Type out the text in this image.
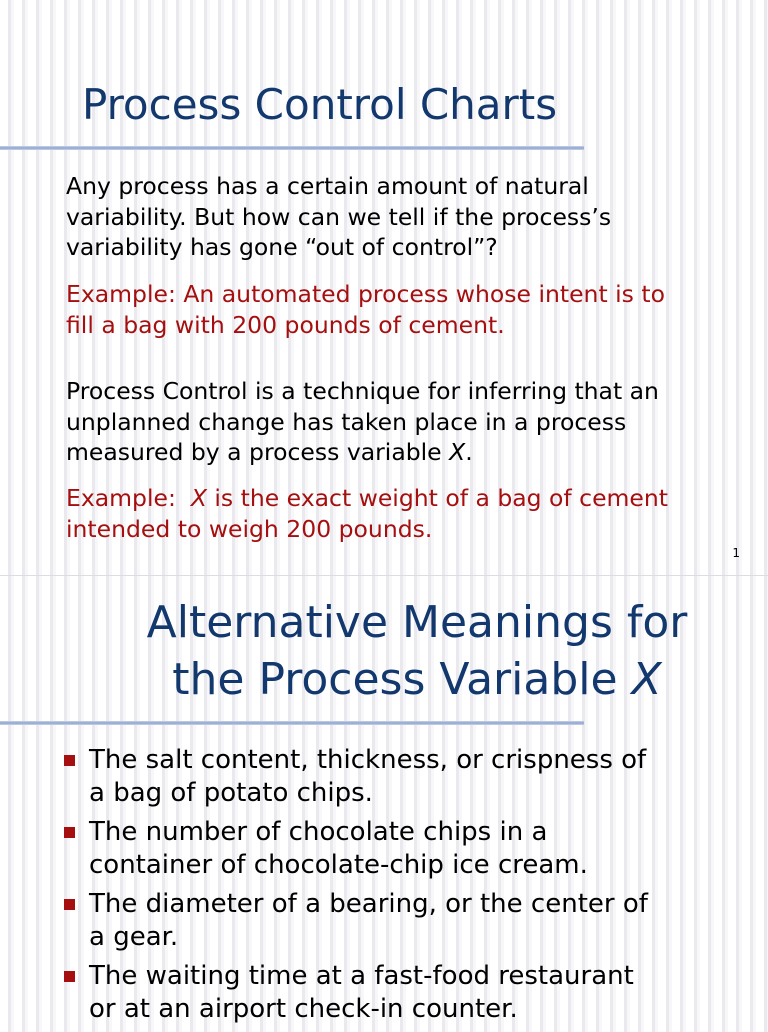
Process Control Charts

Any process has a certain amount of natural
variability. But how can we tell if the process’s
variability has gone “out of control”?

Example: An automated process whose intent is to
fill a bag with 200 pounds of cement.

Process Control is a technique for inferring that an
unplanned change has taken place in a process
measured by a process variable X.

Example:  X is the exact weight of a bag of cement
intended to weigh 200 pounds.

1
Alternative Meanings for
the Process Variable X
The salt content, thickness, or crispness of
a bag of potato chips.
The number of chocolate chips in a
container of chocolate-chip ice cream.
The diameter of a bearing, or the center of
a gear.
The waiting time at a fast-food restaurant
or at an airport check-in counter.
